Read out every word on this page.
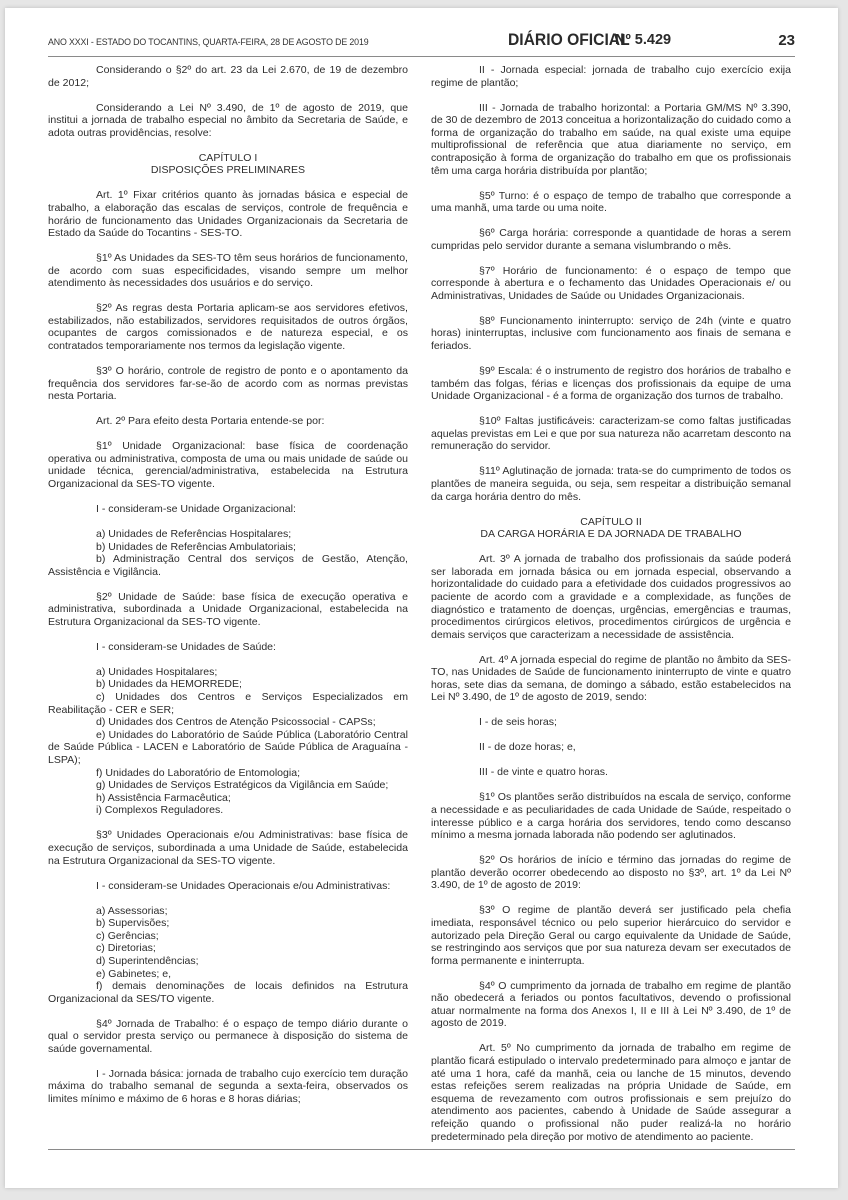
ANO XXXI - ESTADO DO TOCANTINS, QUARTA-FEIRA, 28 DE AGOSTO DE 2019	DIÁRIO OFICIAL
Nº 5.429	23

Considerando o §2º do art. 23 da Lei 2.670, de 19 de dezembro de 2012;

Considerando a Lei Nº 3.490, de 1º de agosto de 2019, que institui a jornada de trabalho especial no âmbito da Secretaria de Saúde, e adota outras providências, resolve:

CAPÍTULO I
DISPOSIÇÕES PRELIMINARES

Art. 1º Fixar critérios quanto às jornadas básica e especial de trabalho, a elaboração das escalas de serviços, controle de frequência e horário de funcionamento das Unidades Organizacionais da Secretaria de Estado da Saúde do Tocantins - SES-TO.

§1º As Unidades da SES-TO têm seus horários de funcionamento, de acordo com suas especificidades, visando sempre um melhor atendimento às necessidades dos usuários e do serviço.

§2º As regras desta Portaria aplicam-se aos servidores efetivos, estabilizados, não estabilizados, servidores requisitados de outros órgãos, ocupantes de cargos comissionados e de natureza especial, e os contratados temporariamente nos termos da legislação vigente.

§3º O horário, controle de registro de ponto e o apontamento da frequência dos servidores far-se-ão de acordo com as normas previstas nesta Portaria.

Art. 2º Para efeito desta Portaria entende-se por:

§1º Unidade Organizacional: base física de coordenação operativa ou administrativa, composta de uma ou mais unidade de saúde ou unidade técnica, gerencial/administrativa, estabelecida na Estrutura Organizacional da SES-TO vigente.

I - consideram-se Unidade Organizacional:

a) Unidades de Referências Hospitalares;
b) Unidades de Referências Ambulatoriais;
b) Administração Central dos serviços de Gestão, Atenção, Assistência e Vigilância.

§2º Unidade de Saúde: base física de execução operativa e administrativa, subordinada a Unidade Organizacional, estabelecida na Estrutura Organizacional da SES-TO vigente.

I - consideram-se Unidades de Saúde:

a) Unidades Hospitalares;
b) Unidades da HEMORREDE;
c) Unidades dos Centros e Serviços Especializados em Reabilitação - CER e SER;
d) Unidades dos Centros de Atenção Psicossocial - CAPSs;
e) Unidades do Laboratório de Saúde Pública (Laboratório Central de Saúde Pública - LACEN e Laboratório de Saúde Pública de Araguaína - LSPA);
f) Unidades do Laboratório de Entomologia;
g) Unidades de Serviços Estratégicos da Vigilância em Saúde;
h) Assistência Farmacêutica;
i) Complexos Reguladores.

§3º Unidades Operacionais e/ou Administrativas: base física de execução de serviços, subordinada a uma Unidade de Saúde, estabelecida na Estrutura Organizacional da SES-TO vigente.

I - consideram-se Unidades Operacionais e/ou Administrativas:

a) Assessorias;
b) Supervisões;
c) Gerências;
c) Diretorias;
d) Superintendências;
e) Gabinetes; e,
f) demais denominações de locais definidos na Estrutura Organizacional da SES/TO vigente.

§4º Jornada de Trabalho: é o espaço de tempo diário durante o qual o servidor presta serviço ou permanece à disposição do sistema de saúde governamental.

I - Jornada básica: jornada de trabalho cujo exercício tem duração máxima do trabalho semanal de segunda a sexta-feira, observados os limites mínimo e máximo de 6 horas e 8 horas diárias;

II - Jornada especial: jornada de trabalho cujo exercício exija regime de plantão;

III - Jornada de trabalho horizontal: a Portaria GM/MS Nº 3.390, de 30 de dezembro de 2013 conceitua a horizontalização do cuidado como a forma de organização do trabalho em saúde, na qual existe uma equipe multiprofissional de referência que atua diariamente no serviço, em contraposição à forma de organização do trabalho em que os profissionais têm uma carga horária distribuída por plantão;

§5º Turno: é o espaço de tempo de trabalho que corresponde a uma manhã, uma tarde ou uma noite.

§6º Carga horária: corresponde a quantidade de horas a serem cumpridas pelo servidor durante a semana vislumbrando o mês.

§7º Horário de funcionamento: é o espaço de tempo que corresponde à abertura e o fechamento das Unidades Operacionais e/ ou Administrativas, Unidades de Saúde ou Unidades Organizacionais.

§8º Funcionamento ininterrupto: serviço de 24h (vinte e quatro horas) ininterruptas, inclusive com funcionamento aos finais de semana e feriados.

§9º Escala: é o instrumento de registro dos horários de trabalho e também das folgas, férias e licenças dos profissionais da equipe de uma Unidade Organizacional - é a forma de organização dos turnos de trabalho.

§10º Faltas justificáveis: caracterizam-se como faltas justificadas aquelas previstas em Lei e que por sua natureza não acarretam desconto na remuneração do servidor.

§11º Aglutinação de jornada: trata-se do cumprimento de todos os plantões de maneira seguida, ou seja, sem respeitar a distribuição semanal da carga horária dentro do mês.

CAPÍTULO II
DA CARGA HORÁRIA E DA JORNADA DE TRABALHO

Art. 3º A jornada de trabalho dos profissionais da saúde poderá ser laborada em jornada básica ou em jornada especial, observando a horizontalidade do cuidado para a efetividade dos cuidados progressivos ao paciente de acordo com a gravidade e a complexidade, as funções de diagnóstico e tratamento de doenças, urgências, emergências e traumas, procedimentos cirúrgicos eletivos, procedimentos cirúrgicos de urgência e demais serviços que caracterizam a necessidade de assistência.

Art. 4º A jornada especial do regime de plantão no âmbito da SES-TO, nas Unidades de Saúde de funcionamento ininterrupto de vinte e quatro horas, sete dias da semana, de domingo a sábado, estão estabelecidos na Lei Nº 3.490, de 1º de agosto de 2019, sendo:

I - de seis horas;

II - de doze horas; e,

III - de vinte e quatro horas.

§1º Os plantões serão distribuídos na escala de serviço, conforme a necessidade e as peculiaridades de cada Unidade de Saúde, respeitado o interesse público e a carga horária dos servidores, tendo como descanso mínimo a mesma jornada laborada não podendo ser aglutinados.

§2º Os horários de início e término das jornadas do regime de plantão deverão ocorrer obedecendo ao disposto no §3º, art. 1º da Lei Nº 3.490, de 1º de agosto de 2019:

§3º O regime de plantão deverá ser justificado pela chefia imediata, responsável técnico ou pelo superior hierárcuico do servidor e autorizado pela Direção Geral ou cargo equivalente da Unidade de Saúde, se restringindo aos serviços que por sua natureza devam ser executados de forma permanente e ininterrupta.

§4º O cumprimento da jornada de trabalho em regime de plantão não obedecerá a feriados ou pontos facultativos, devendo o profissional atuar normalmente na forma dos Anexos I, II e III à Lei Nº 3.490, de 1º de agosto de 2019.

Art. 5º No cumprimento da jornada de trabalho em regime de plantão ficará estipulado o intervalo predeterminado para almoço e jantar de até uma 1 hora, café da manhã, ceia ou lanche de 15 minutos, devendo estas refeições serem realizadas na própria Unidade de Saúde, em esquema de revezamento com outros profissionais e sem prejuízo do atendimento aos pacientes, cabendo à Unidade de Saúde assegurar a refeição quando o profissional não puder realizá-la no horário predeterminado pela direção por motivo de atendimento ao paciente.
